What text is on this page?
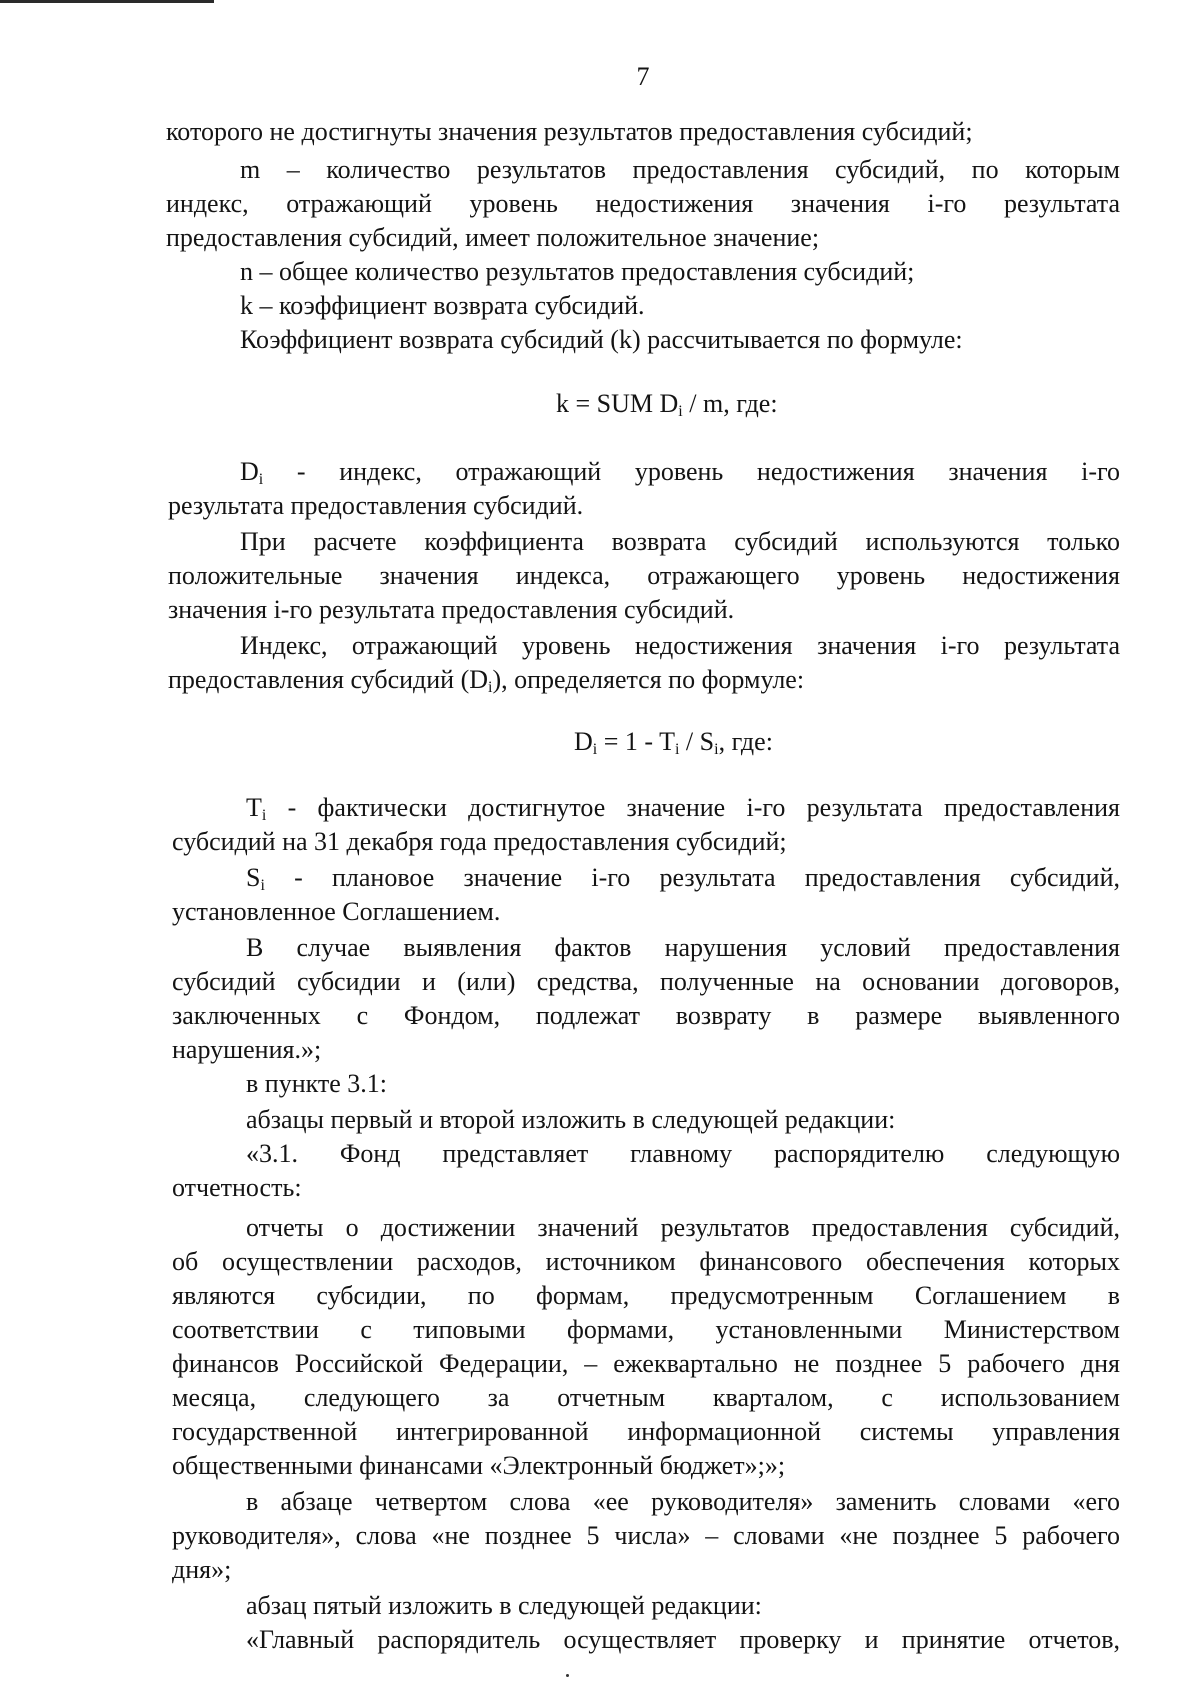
7
которого не достигнуты значения результатов предоставления субсидий;
m – количество результатов предоставления субсидий, по которым
индекс, отражающий уровень недостижения значения i-го результата
предоставления субсидий, имеет положительное значение;
n – общее количество результатов предоставления субсидий;
k – коэффициент возврата субсидий.
Коэффициент возврата субсидий (k) рассчитывается по формуле:
k = SUM $D_i$ / m, где:
$D_i$ - индекс, отражающий уровень недостижения значения i-го
результата предоставления субсидий.
При расчете коэффициента возврата субсидий используются только
положительные значения индекса, отражающего уровень недостижения
значения i-го результата предоставления субсидий.
Индекс, отражающий уровень недостижения значения i-го результата
предоставления субсидий $(D_i)$, определяется по формуле:
$D_i = 1 - T_i / S_i$, где:
$T_i$ - фактически достигнутое значение i-го результата предоставления
субсидий на 31 декабря года предоставления субсидий;
$S_i$ - плановое значение i-го результата предоставления субсидий,
установленное Соглашением.
В случае выявления фактов нарушения условий предоставления
субсидий субсидии и (или) средства, полученные на основании договоров,
заключенных с Фондом, подлежат возврату в размере выявленного
нарушения.»;
в пункте 3.1:
абзацы первый и второй изложить в следующей редакции:
«3.1. Фонд представляет главному распорядителю следующую
отчетность:
отчеты о достижении значений результатов предоставления субсидий,
об осуществлении расходов, источником финансового обеспечения которых
являются субсидии, по формам, предусмотренным Соглашением в
соответствии с типовыми формами, установленными Министерством
финансов Российской Федерации, – ежеквартально не позднее 5 рабочего дня
месяца, следующего за отчетным кварталом, с использованием
государственной интегрированной информационной системы управления
общественными финансами «Электронный бюджет»;»;
в абзаце четвертом слова «ее руководителя» заменить словами «его
руководителя», слова «не позднее 5 числа» – словами «не позднее 5 рабочего
дня»;
абзац пятый изложить в следующей редакции:
«Главный распорядитель осуществляет проверку и принятие отчетов,
